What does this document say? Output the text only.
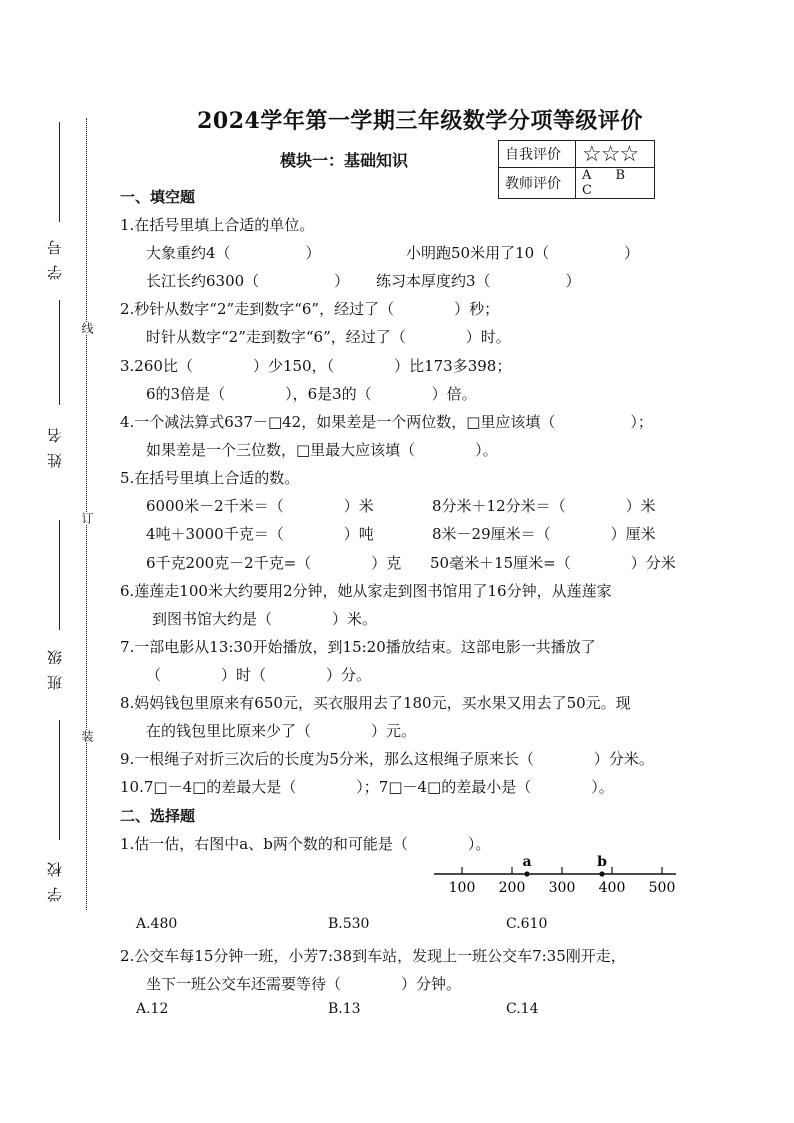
线
订
装
学号
姓名
班级
学校
2024学年第一学期三年级数学分项等级评价
模块一：基础知识	自我评价	☆☆☆
教师评价	A B C
一、填空题
1.在括号里填上合适的单位。
大象重约4（　　　　　）	小明跑50米用了10（　　　　　）
长江长约6300（　　　　　） 练习本厚度约3（　　　　　）
2.秒针从数字“2”走到数字“6”，经过了（　　　　）秒；
时针从数字“2”走到数字“6”，经过了（　　　　）时。
3.260比（　　　　）少150，（　　　　）比173多398；
6的3倍是（　　　　），6是3的（　　　　）倍。
4.一个减法算式637－□42，如果差是一个两位数，□里应该填（　　　　　）；
如果差是一个三位数，□里最大应该填（　　　　）。
5.在括号里填上合适的数。
6000米－2千米＝（　　　　）米	8分米＋12分米＝（　　　　）米
4吨＋3000千克＝（　　　　）吨	8米－29厘米＝（　　　　）厘米
6千克200克－2千克=（　　　　）克 50毫米＋15厘米=（　　　　）分米
6.莲莲走100米大约要用2分钟，她从家走到图书馆用了16分钟，从莲莲家
到图书馆大约是（　　　　）米。
7.一部电影从13:30开始播放，到15:20播放结束。这部电影一共播放了
（　　　　）时（　　　　）分。
8.妈妈钱包里原来有650元，买衣服用去了180元，买水果又用去了50元。现
在的钱包里比原来少了（　　　　）元。
9.一根绳子对折三次后的长度为5分米，那么这根绳子原来长（　　　　）分米。
10.7□－4□的差最大是（　　　　）；7□－4□的差最小是（　　　　）。
二、选择题
1.估一估，右图中a、b两个数的和可能是（　　　　）。
100 200 300 400 500
a	b
A.480	B.530	C.610
2.公交车每15分钟一班，小芳7:38到车站，发现上一班公交车7:35刚开走，
坐下一班公交车还需要等待（　　　　）分钟。
A.12	B.13	C.14
